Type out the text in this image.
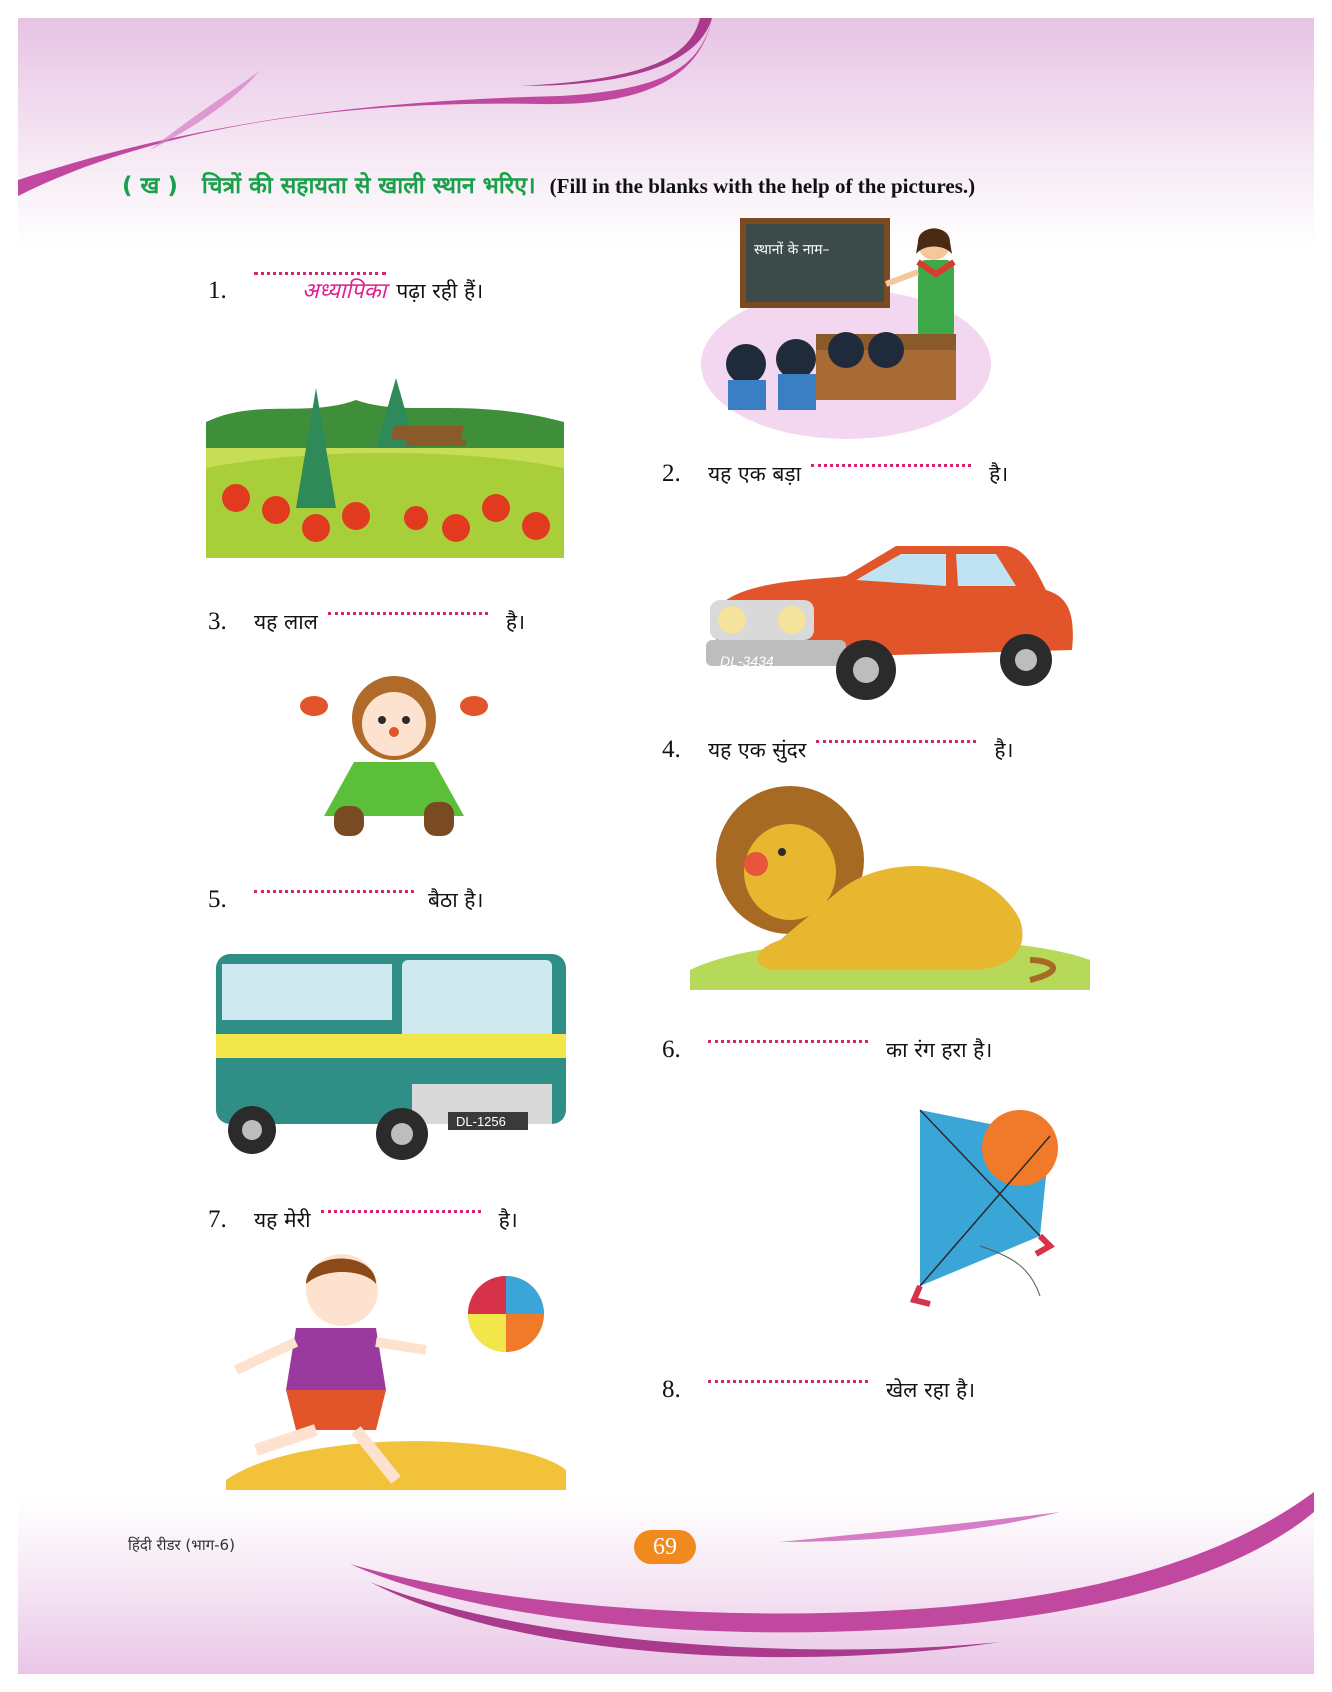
( ख ) चित्रों की सहायता से खाली स्थान भरिए। (Fill in the blanks with the help of the pictures.)
1.	अध्यापिका पढ़ा रही हैं।
2.	यह एक बड़ा	है।
3.	यह लाल	है।
4.	यह एक सुंदर	है।
5.	बैठा है।
6.	का रंग हरा है।
7.	यह मेरी	है।
8.	खेल रहा है।
स्थानों के नाम–
DL-3434
DL-1256
हिंदी रीडर (भाग-6)	69
